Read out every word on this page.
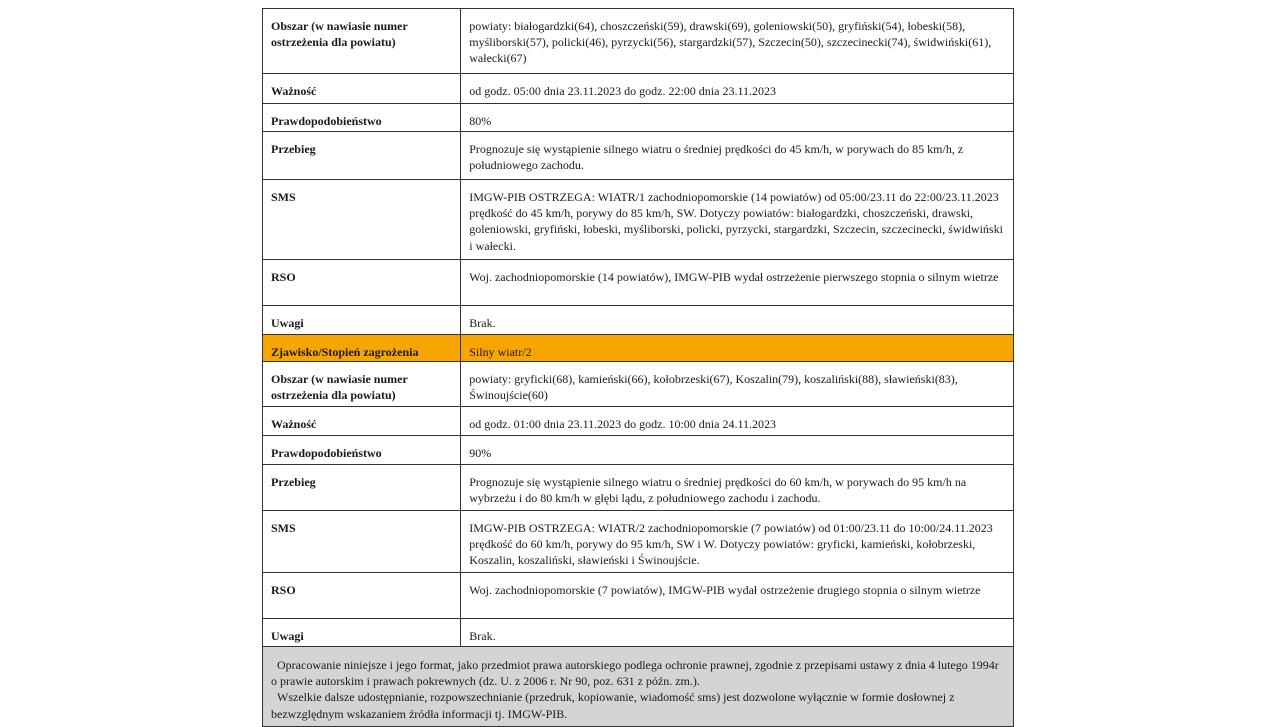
Obszar (w nawiasie numer ostrzeżenia dla powiatu)	powiaty: białogardzki(64), choszczeński(59), drawski(69), goleniowski(50), gryfiński(54), łobeski(58), myśliborski(57), policki(46), pyrzycki(56), stargardzki(57), Szczecin(50), szczecinecki(74), świdwiński(61), wałecki(67)
Ważność	od godz. 05:00 dnia 23.11.2023 do godz. 22:00 dnia 23.11.2023
Prawdopodobieństwo	80%
Przebieg	Prognozuje się wystąpienie silnego wiatru o średniej prędkości do 45 km/h, w porywach do 85 km/h, z południowego zachodu.
SMS	IMGW-PIB OSTRZEGA: WIATR/1 zachodniopomorskie (14 powiatów) od 05:00/23.11 do 22:00/23.11.2023 prędkość do 45 km/h, porywy do 85 km/h, SW. Dotyczy powiatów: białogardzki, choszczeński, drawski, goleniowski, gryfiński, łobeski, myśliborski, policki, pyrzycki, stargardzki, Szczecin, szczecinecki, świdwiński i wałecki.
RSO	Woj. zachodniopomorskie (14 powiatów), IMGW-PIB wydał ostrzeżenie pierwszego stopnia o silnym wietrze
Uwagi	Brak.
Zjawisko/Stopień zagrożenia	Silny wiatr/2
Obszar (w nawiasie numer ostrzeżenia dla powiatu)	powiaty: gryficki(68), kamieński(66), kołobrzeski(67), Koszalin(79), koszaliński(88), sławieński(83), Świnoujście(60)
Ważność	od godz. 01:00 dnia 23.11.2023 do godz. 10:00 dnia 24.11.2023
Prawdopodobieństwo	90%
Przebieg	Prognozuje się wystąpienie silnego wiatru o średniej prędkości do 60 km/h, w porywach do 95 km/h na wybrzeżu i do 80 km/h w głębi lądu, z południowego zachodu i zachodu.
SMS	IMGW-PIB OSTRZEGA: WIATR/2 zachodniopomorskie (7 powiatów) od 01:00/23.11 do 10:00/24.11.2023 prędkość do 60 km/h, porywy do 95 km/h, SW i W. Dotyczy powiatów: gryficki, kamieński, kołobrzeski, Koszalin, koszaliński, sławieński i Świnoujście.
RSO	Woj. zachodniopomorskie (7 powiatów), IMGW-PIB wydał ostrzeżenie drugiego stopnia o silnym wietrze
Uwagi	Brak.

Opracowanie niniejsze i jego format, jako przedmiot prawa autorskiego podlega ochronie prawnej, zgodnie z przepisami ustawy z dnia 4 lutego 1994r o prawie autorskim i prawach pokrewnych (dz. U. z 2006 r. Nr 90, poz. 631 z późn. zm.).

Wszelkie dalsze udostępnianie, rozpowszechnianie (przedruk, kopiowanie, wiadomość sms) jest dozwolone wyłącznie w formie dosłownej z bezwzględnym wskazaniem źródła informacji tj. IMGW-PIB.
